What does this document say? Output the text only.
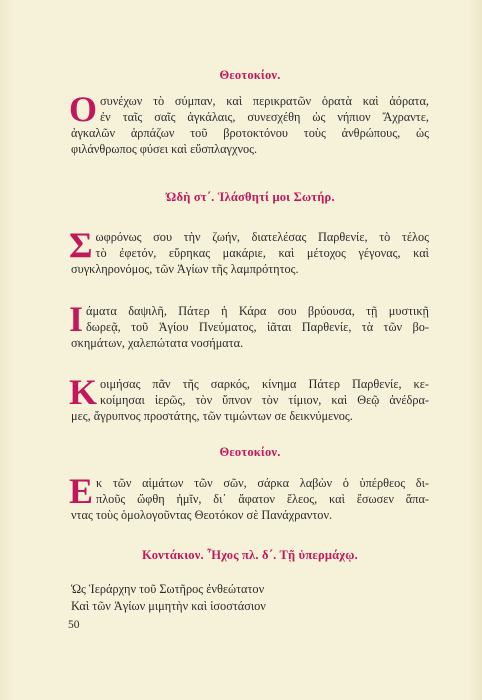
Θεοτοκίον.
Ο συνέχων τὸ σύμπαν, καὶ περικρατῶν ὁρατὰ καὶ ἀόρατα,
ἐν ταῖς σαῖς ἀγκάλαις, συνεσχέθη ὡς νήπιον Ἄχραντε,
ἀγκαλῶν ἁρπάζων τοῦ βροτοκτόνου τοὺς ἀνθρώπους, ὡς
φιλάνθρωπος φύσει καὶ εὔσπλαγχνος.
Ὠδὴ στ΄. Ἱλάσθητί μοι Σωτήρ.
Σ ωφρόνως σου τὴν ζωήν, διατελέσας Παρθενίε, τὸ τέλος
τὸ ἐφετόν, εὕρηκας μακάριε, καὶ μέτοχος γέγονας, καὶ
συγκληρονόμος, τῶν Ἁγίων τῆς λαμπρότητος.
Ι άματα δαψιλῆ, Πάτερ ἡ Κάρα σου βρύουσα, τῇ μυστικῇ
δωρεᾷ, τοῦ Ἁγίου Πνεύματος, ἰᾶται Παρθενίε, τὰ τῶν βο-
σκημάτων, χαλεπώτατα νοσήματα.
Κ οιμήσας πᾶν τῆς σαρκός, κίνημα Πάτερ Παρθενίε, κε-
κοίμησαι ἱερῶς, τὸν ὕπνον τὸν τίμιον, καὶ Θεῷ ἀνέδρα-
μες, ἄγρυπνος προστάτης, τῶν τιμώντων σε δεικνύμενος.
Θεοτοκίον.
Ε κ τῶν αἱμάτων τῶν σῶν, σάρκα λαβὼν ὁ ὑπέρθεος δι-
πλοῦς ὤφθη ἡμῖν, δι᾽ ἄφατον ἔλεος, καὶ ἔσωσεν ἅπα-
ντας τοὺς ὁμολογοῦντας Θεοτόκον σὲ Πανάχραντον.
Κοντάκιον. Ἦχος πλ. δ΄. Τῇ ὑπερμάχῳ.
Ὡς Ἱεράρχην τοῦ Σωτῆρος ἐνθεώτατον
Καὶ τῶν Ἁγίων μιμητὴν καὶ ἰσοστάσιον
50
